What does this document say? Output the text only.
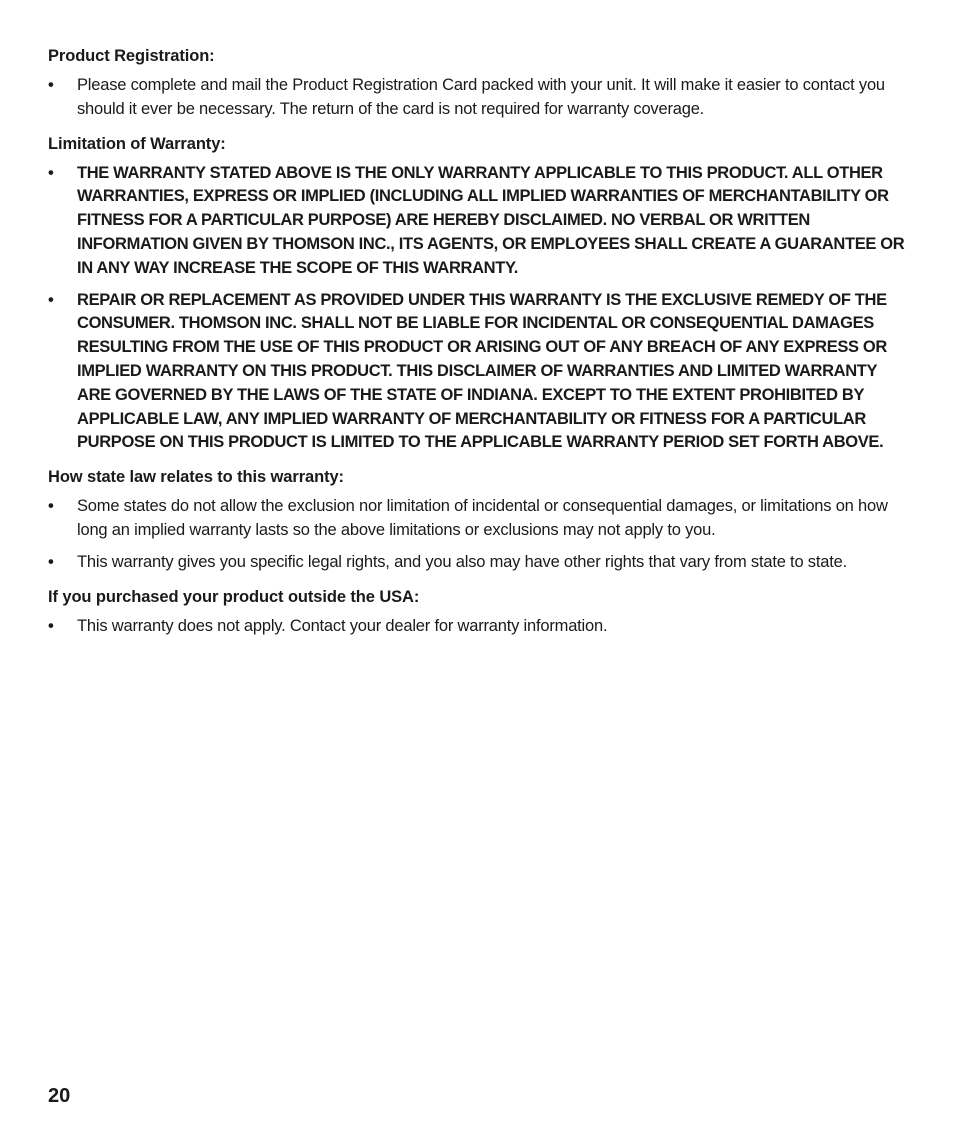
Product Registration:
• Please complete and mail the Product Registration Card packed with your unit. It will make it easier to contact you should it ever be necessary. The return of the card is not required for warranty coverage.
Limitation of Warranty:
• THE WARRANTY STATED ABOVE IS THE ONLY WARRANTY APPLICABLE TO THIS PRODUCT. ALL OTHER WARRANTIES, EXPRESS OR IMPLIED (INCLUDING ALL IMPLIED WARRANTIES OF MERCHANTABILITY OR FITNESS FOR A PARTICULAR PURPOSE) ARE HEREBY DISCLAIMED. NO VERBAL OR WRITTEN INFORMATION GIVEN BY THOMSON INC., ITS AGENTS, OR EMPLOYEES SHALL CREATE A GUARANTEE OR IN ANY WAY INCREASE THE SCOPE OF THIS WARRANTY.
• REPAIR OR REPLACEMENT AS PROVIDED UNDER THIS WARRANTY IS THE EXCLUSIVE REMEDY OF THE CONSUMER. THOMSON INC. SHALL NOT BE LIABLE FOR INCIDENTAL OR CONSEQUENTIAL DAMAGES RESULTING FROM THE USE OF THIS PRODUCT OR ARISING OUT OF ANY BREACH OF ANY EXPRESS OR IMPLIED WARRANTY ON THIS PRODUCT. THIS DISCLAIMER OF WARRANTIES AND LIMITED WARRANTY ARE GOVERNED BY THE LAWS OF THE STATE OF INDIANA. EXCEPT TO THE EXTENT PROHIBITED BY APPLICABLE LAW, ANY IMPLIED WARRANTY OF MERCHANTABILITY OR FITNESS FOR A PARTICULAR PURPOSE ON THIS PRODUCT IS LIMITED TO THE APPLICABLE WARRANTY PERIOD SET FORTH ABOVE.
How state law relates to this warranty:
• Some states do not allow the exclusion nor limitation of incidental or consequential damages, or limitations on how long an implied warranty lasts so the above limitations or exclusions may not apply to you.
• This warranty gives you specific legal rights, and you also may have other rights that vary from state to state.
If you purchased your product outside the USA:
• This warranty does not apply. Contact your dealer for warranty information.
20
